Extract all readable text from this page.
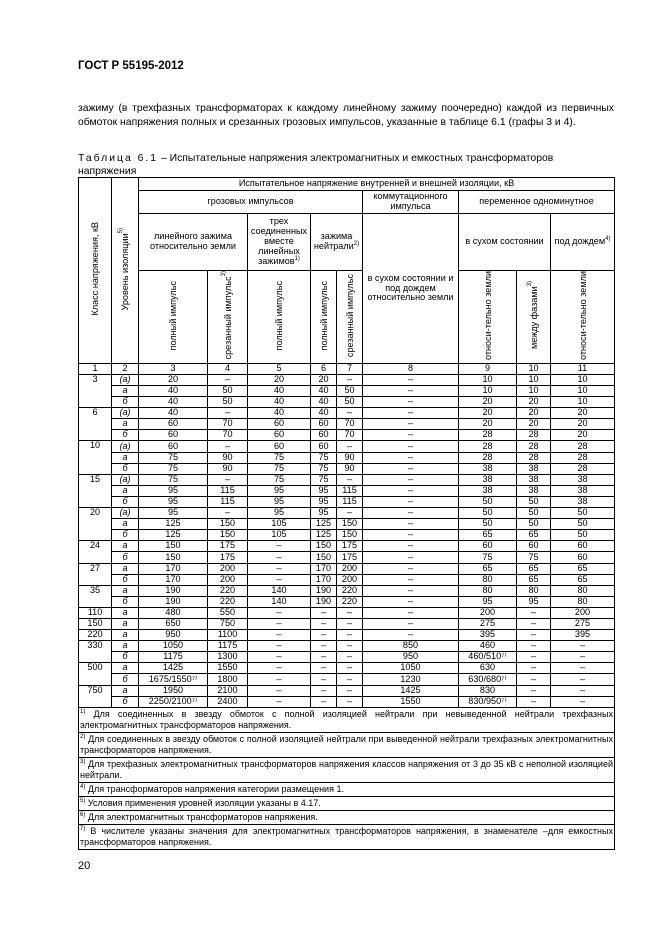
ГОСТ Р 55195-2012
зажиму (в трехфазных трансформаторах к каждому линейному зажиму поочередно) каждой из первичных обмоток напряжения полных и срезанных грозовых импульсов, указанные в таблице 6.1 (графы 3 и 4).
Таблица 6.1 – Испытательные напряжения электромагнитных и емкостных трансформаторов напряжения
Класс напряжения, кВ	Уровень изоляции$^{5)}$	Испытательное напряжение внутренней и внешней изоляции, кВ								
		грозовых импульсов					коммутационного импульса	переменное одноминутное		
		линейного зажима относительно земли		трех соединенных вместе линейных зажимов$^{1)}$	зажима нейтрали$^{2)}$		в сухом состоянии и под дождем относительно земли	в сухом состоянии		под дождем$^{4)}$
		полный импульс	срезанный импульс$^{3)}$	полный импульс	полный импульс	срезанный импульс		относи-тельно земли	между фазами$^{3)}$	относи-тельно земли

1	2	3	4	5	6	7	8	9	10	11
3	(а)	20	–	20	20	–	–	10	10	10
	а	40	50	40	40	50	–	10	10	10
	б	40	50	40	40	50	–	20	20	10
6	(а)	40	–	40	40	–	–	20	20	20
	а	60	70	60	60	70	–	20	20	20
	б	60	70	60	60	70	–	28	28	20
10	(а)	60	–	60	60	–	–	28	28	28
	а	75	90	75	75	90	–	28	28	28
	б	75	90	75	75	90	–	38	38	28
15	(а)	75	–	75	75	–	–	38	38	38
	а	95	115	95	95	115	–	38	38	38
	б	95	115	95	95	115	–	50	50	38
20	(а)	95	–	95	95	–	–	50	50	50
	а	125	150	105	125	150	–	50	50	50
	б	125	150	105	125	150	–	65	65	50
24	а	150	175	–	150	175	–	60	60	60
	б	150	175	–	150	175	–	75	75	60
27	а	170	200	–	170	200	–	65	65	65
	б	170	200	–	170	200	–	80	65	65
35	а	190	220	140	190	220	–	80	80	80
	б	190	220	140	190	220	–	95	95	80
110	а	480	550	–	–	–	–	200	–	200
150	а	650	750	–	–	–	–	275	–	275
220	а	950	1100	–	–	–	–	395	–	395
330	а	1050	1175	–	–	–	850	460	–	–
	б	1175	1300	–	–	–	950	460/510⁷⁾	–	–
500	а	1425	1550	–	–	–	1050	630	–	–
	б	1675/1550⁷⁾	1800	–	–	–	1230	630/680⁷⁾	–	–
750	а	1950	2100	–	–	–	1425	830	–	–
	б	2250/2100⁷⁾	2400	–	–	–	1550	830/950⁷⁾	–	–
$^{1)}$ Для соединенных в звезду обмоток с полной изоляцией нейтрали при невыведенной нейтрали трехфазных электромагнитных трансформаторов напряжения.										
$^{2)}$ Для соединенных в звезду обмоток с полной изоляцией нейтрали при выведенной нейтрали трехфазных электромагнитных трансформаторов напряжения.										
$^{3)}$ Для трехфазных электромагнитных трансформаторов напряжения классов напряжения от 3 до 35 кВ с неполной изоляцией нейтрали.										
$^{4)}$ Для трансформаторов напряжения категории размещения 1.										
$^{5)}$ Условия применения уровней изоляции указаны в 4.17.										
$^{6)}$ Для электромагнитных трансформаторов напряжения.										
$^{7)}$ В числителе указаны значения для электромагнитных трансформаторов напряжения, в знаменателе –для емкостных трансформаторов напряжения.										
20
